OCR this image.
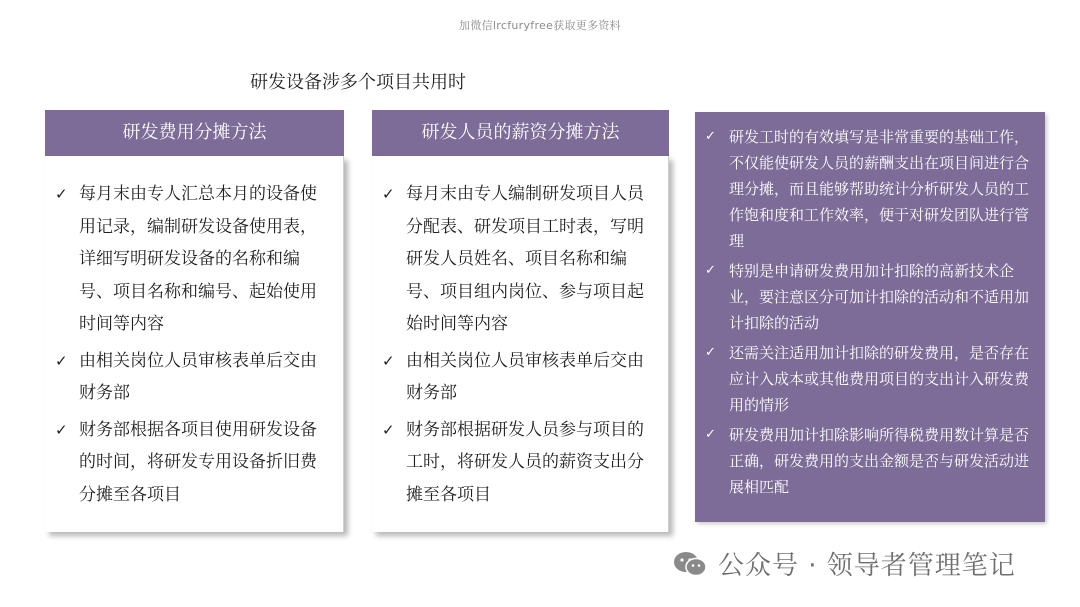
加微信lrcfuryfree获取更多资料
研发设备涉多个项目共用时
研发费用分摊方法
✓ 每月末由专人汇总本月的设备使用记录，编制研发设备使用表，详细写明研发设备的名称和编号、项目名称和编号、起始使用时间等内容
✓ 由相关岗位人员审核表单后交由财务部
✓ 财务部根据各项目使用研发设备的时间，将研发专用设备折旧费分摊至各项目
研发人员的薪资分摊方法
✓ 每月末由专人编制研发项目人员分配表、研发项目工时表，写明研发人员姓名、项目名称和编号、项目组内岗位、参与项目起始时间等内容
✓ 由相关岗位人员审核表单后交由财务部
✓ 财务部根据研发人员参与项目的工时，将研发人员的薪资支出分摊至各项目
✓ 研发工时的有效填写是非常重要的基础工作，不仅能使研发人员的薪酬支出在项目间进行合理分摊，而且能够帮助统计分析研发人员的工作饱和度和工作效率，便于对研发团队进行管理
✓ 特别是申请研发费用加计扣除的高新技术企业，要注意区分可加计扣除的活动和不适用加计扣除的活动
✓ 还需关注适用加计扣除的研发费用，是否存在应计入成本或其他费用项目的支出计入研发费用的情形
✓ 研发费用加计扣除影响所得税费用数计算是否正确，研发费用的支出金额是否与研发活动进展相匹配
公众号 · 领导者管理笔记
